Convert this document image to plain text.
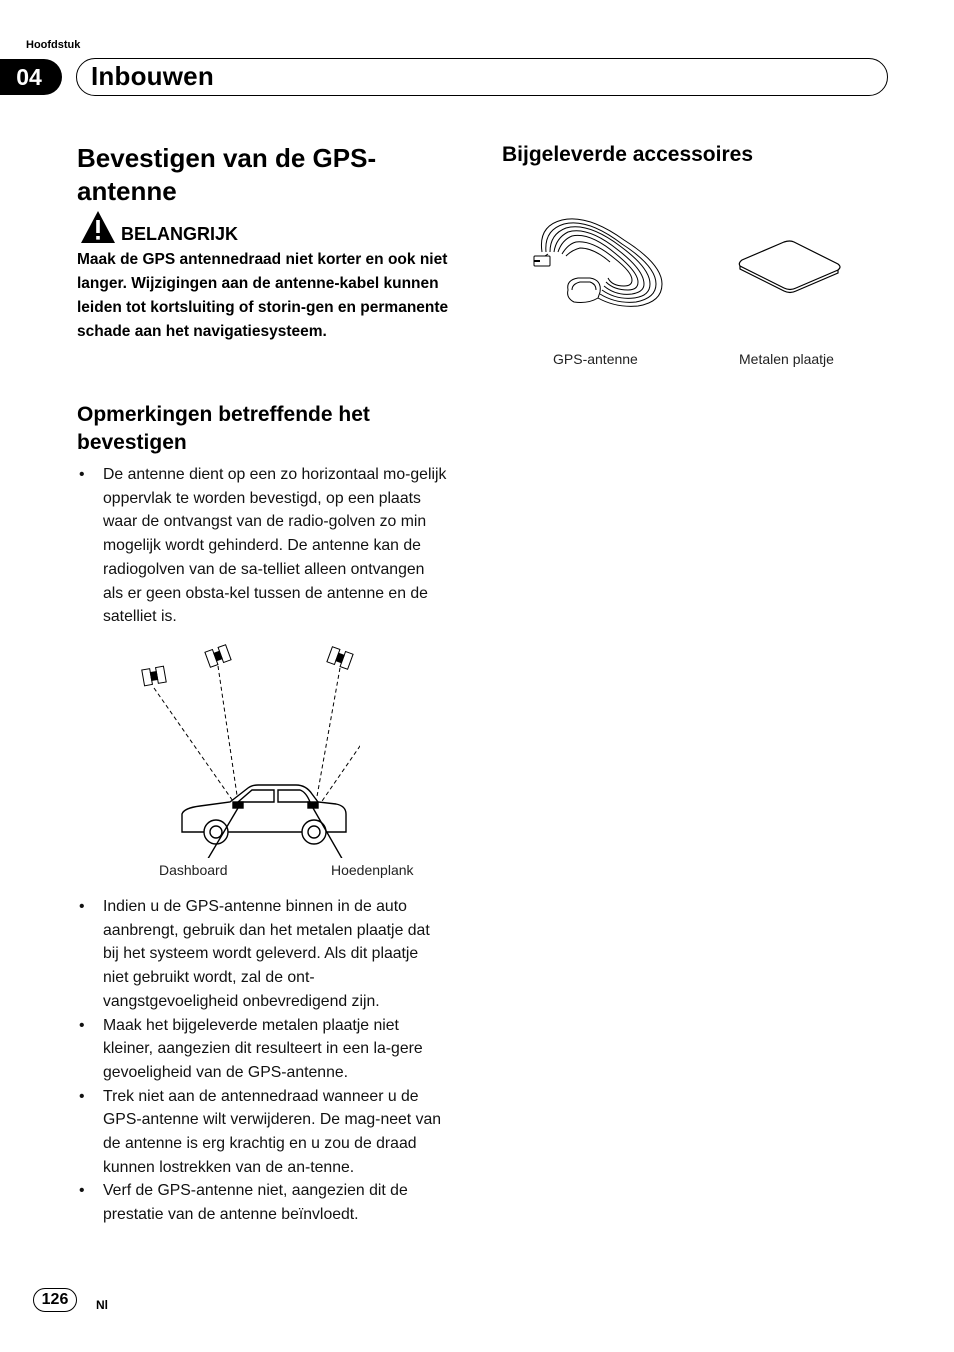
Hoofdstuk
04	Inbouwen
Bevestigen van de GPS-
antenne
BELANGRIJK
Maak de GPS antennedraad niet korter en ook niet langer. Wijzigingen aan de antenne-kabel kunnen leiden tot kortsluiting of storin-gen en permanente schade aan het navigatiesysteem.
Opmerkingen betreffende het bevestigen
• De antenne dient op een zo horizontaal mo-gelijk oppervlak te worden bevestigd, op een plaats waar de ontvangst van de radio-golven zo min mogelijk wordt gehinderd. De antenne kan de radiogolven van de sa-telliet alleen ontvangen als er geen obsta-kel tussen de antenne en de satelliet is.
Dashboard	Hoedenplank
• Indien u de GPS-antenne binnen in de auto aanbrengt, gebruik dan het metalen plaatje dat bij het systeem wordt geleverd. Als dit plaatje niet gebruikt wordt, zal de ont-vangstgevoeligheid onbevredigend zijn.
• Maak het bijgeleverde metalen plaatje niet kleiner, aangezien dit resulteert in een la-gere gevoeligheid van de GPS-antenne.
• Trek niet aan de antennedraad wanneer u de GPS-antenne wilt verwijderen. De mag-neet van de antenne is erg krachtig en u zou de draad kunnen lostrekken van de an-tenne.
• Verf de GPS-antenne niet, aangezien dit de prestatie van de antenne beïnvloedt.
Bijgeleverde accessoires
GPS-antenne	Metalen plaatje
126	Nl
